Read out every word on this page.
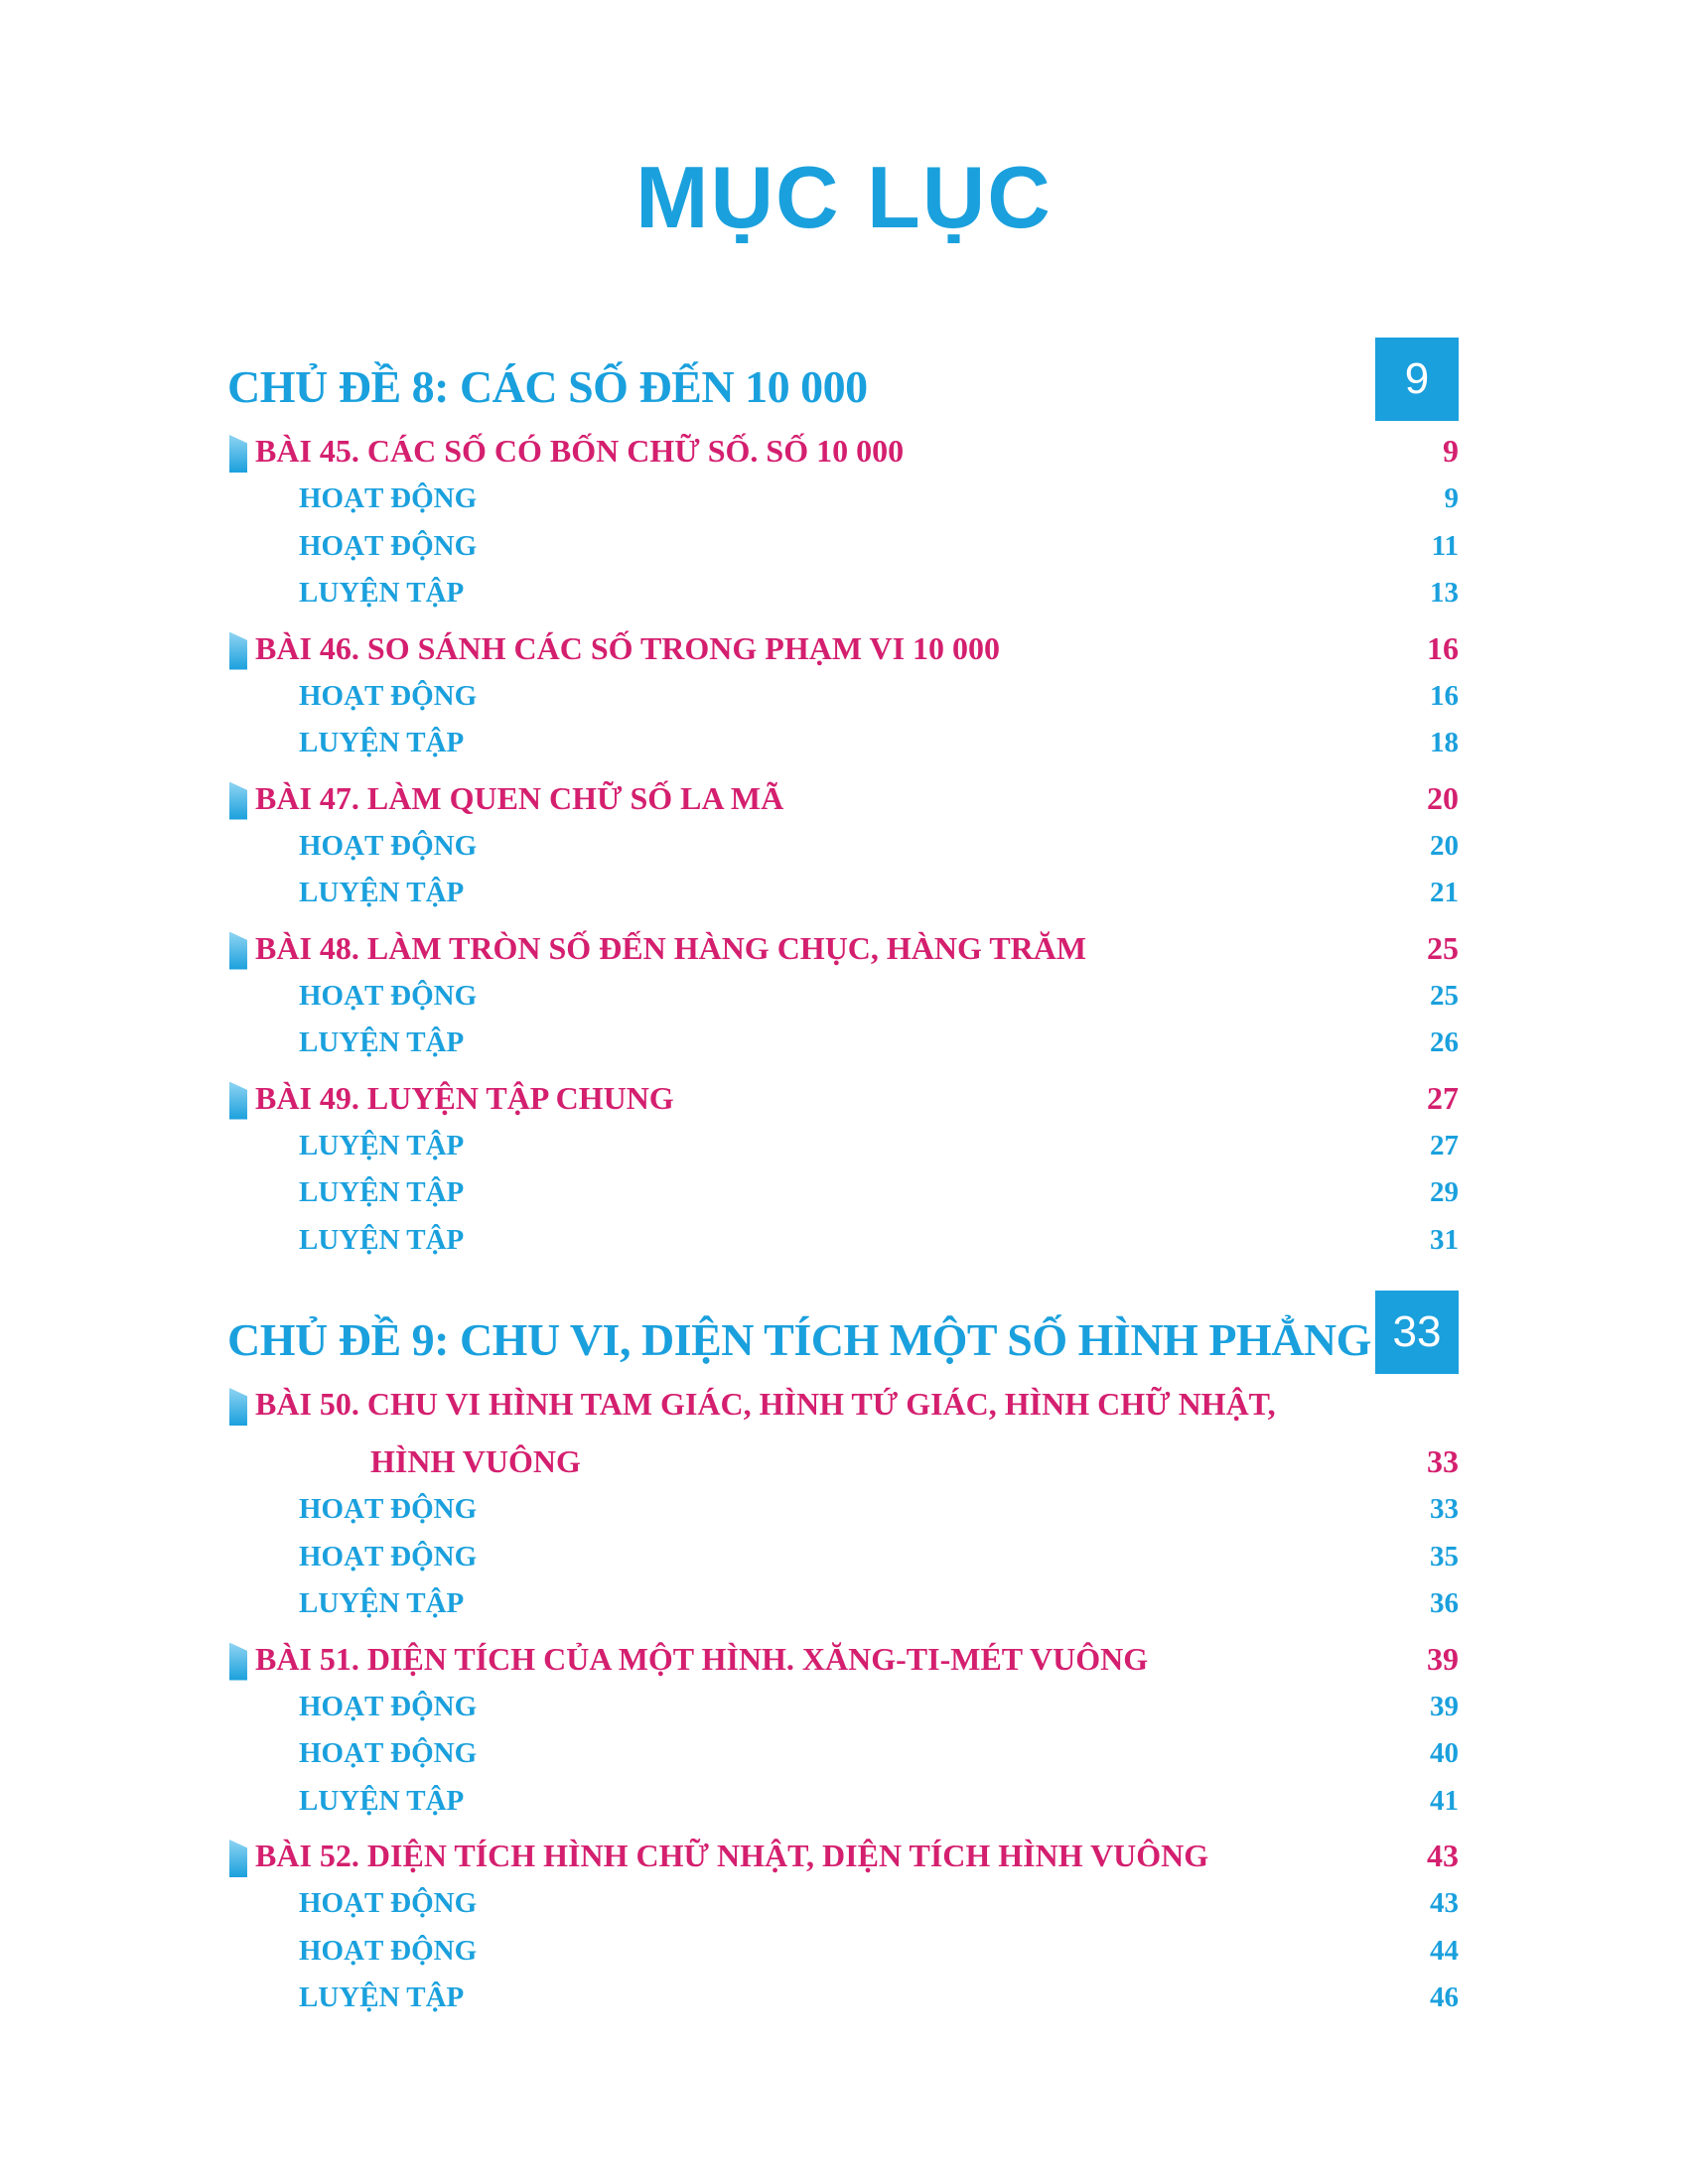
MỤC LỤC
CHỦ ĐỀ 8: CÁC SỐ ĐẾN 10 000	9
BÀI 45. CÁC SỐ CÓ BỐN CHỮ SỐ. SỐ 10 000	9
HOẠT ĐỘNG	9
HOẠT ĐỘNG	11
LUYỆN TẬP	13
BÀI 46. SO SÁNH CÁC SỐ TRONG PHẠM VI 10 000	16
HOẠT ĐỘNG	16
LUYỆN TẬP	18
BÀI 47. LÀM QUEN CHỮ SỐ LA MÃ	20
HOẠT ĐỘNG	20
LUYỆN TẬP	21
BÀI 48. LÀM TRÒN SỐ ĐẾN HÀNG CHỤC, HÀNG TRĂM	25
HOẠT ĐỘNG	25
LUYỆN TẬP	26
BÀI 49. LUYỆN TẬP CHUNG	27
LUYỆN TẬP	27
LUYỆN TẬP	29
LUYỆN TẬP	31
CHỦ ĐỀ 9: CHU VI, DIỆN TÍCH MỘT SỐ HÌNH PHẲNG 33
BÀI 50. CHU VI HÌNH TAM GIÁC, HÌNH TỨ GIÁC, HÌNH CHỮ NHẬT,
HÌNH VUÔNG	33
HOẠT ĐỘNG	33
HOẠT ĐỘNG	35
LUYỆN TẬP	36
BÀI 51. DIỆN TÍCH CỦA MỘT HÌNH. XĂNG-TI-MÉT VUÔNG	39
HOẠT ĐỘNG	39
HOẠT ĐỘNG	40
LUYỆN TẬP	41
BÀI 52. DIỆN TÍCH HÌNH CHỮ NHẬT, DIỆN TÍCH HÌNH VUÔNG	43
HOẠT ĐỘNG	43
HOẠT ĐỘNG	44
LUYỆN TẬP	46
